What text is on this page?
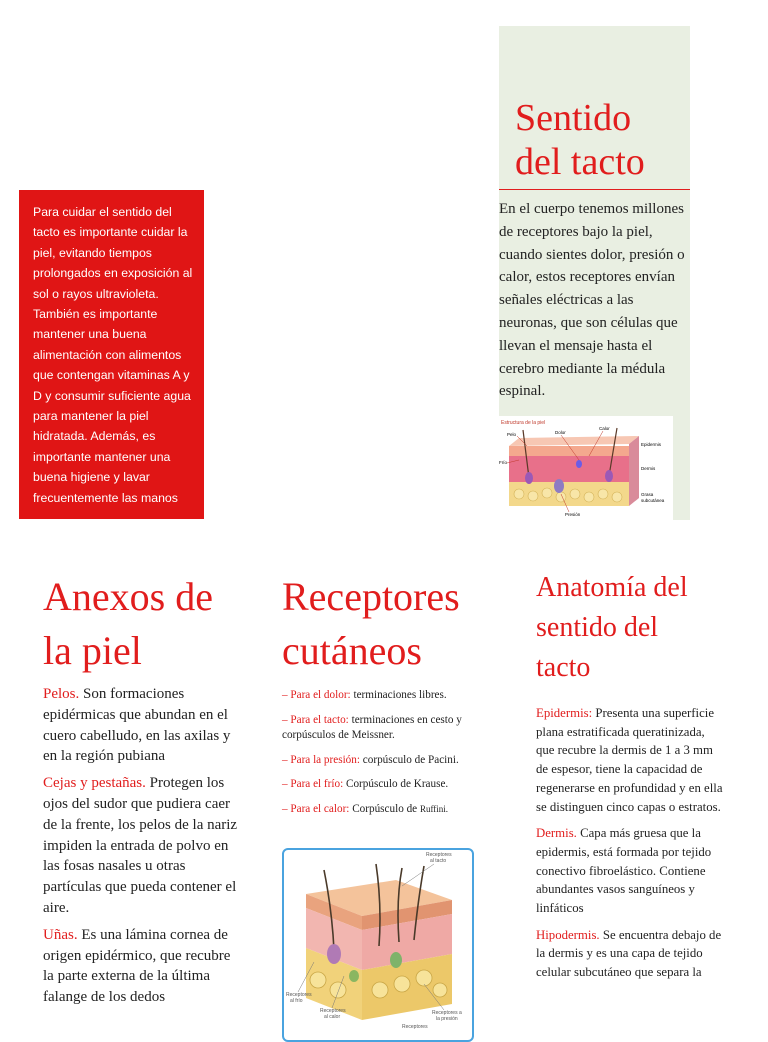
Sentido
del tacto

En el cuerpo tenemos millones de receptores bajo la piel, cuando sientes dolor, presión o calor, estos receptores envían señales eléctricas a las neuronas, que son células que llevan el mensaje hasta el cerebro mediante la médula espinal.

Para cuidar el sentido del tacto es importante cuidar la piel, evitando tiempos prolongados en exposición al sol o rayos ultravioleta. También es importante mantener una buena alimentación con alimentos que contengan vitaminas A y D y consumir suficiente agua para mantener la piel hidratada. Además, es importante mantener una buena higiene y lavar frecuentemente las manos

Estructura de la piel
Pelo	Dolor
Calor
Frío
Epidermis
Dermis
Grasa
subcutánea
Presión
Anexos de
la piel

Pelos. Son formaciones epidérmicas que abundan en el cuero cabelludo, en las axilas y en la región pubiana

Cejas y pestañas. Protegen los ojos del sudor que pudiera caer de la frente, los pelos de la nariz impiden la entrada de polvo en las fosas nasales u otras partículas que pueda contener el aire.

Uñas. Es una lámina cornea de origen epidérmico, que recubre la parte externa de la última falange de los dedos

Receptores
cutáneos

– Para el dolor: terminaciones libres.

– Para el tacto: terminaciones en cesto y corpúsculos de Meissner.

– Para la presión: corpúsculo de Pacini.

– Para el frío: Corpúsculo de Krause.

– Para el calor: Corpúsculo de Ruffini.

Receptores
al tacto
Receptores
al frío
Receptores
al calor
Receptores
Receptores a
la presión
Anatomía del
sentido del
tacto

Epidermis: Presenta una superficie plana estratificada queratinizada, que recubre la dermis de 1 a 3 mm de espesor, tiene la capacidad de regenerarse en profundidad y en ella se distinguen cinco capas o estratos.

Dermis. Capa más gruesa que la epidermis, está formada por tejido conectivo fibroelástico. Contiene abundantes vasos sanguíneos y linfáticos

Hipodermis. Se encuentra debajo de la dermis y es una capa de tejido celular subcutáneo que separa la
